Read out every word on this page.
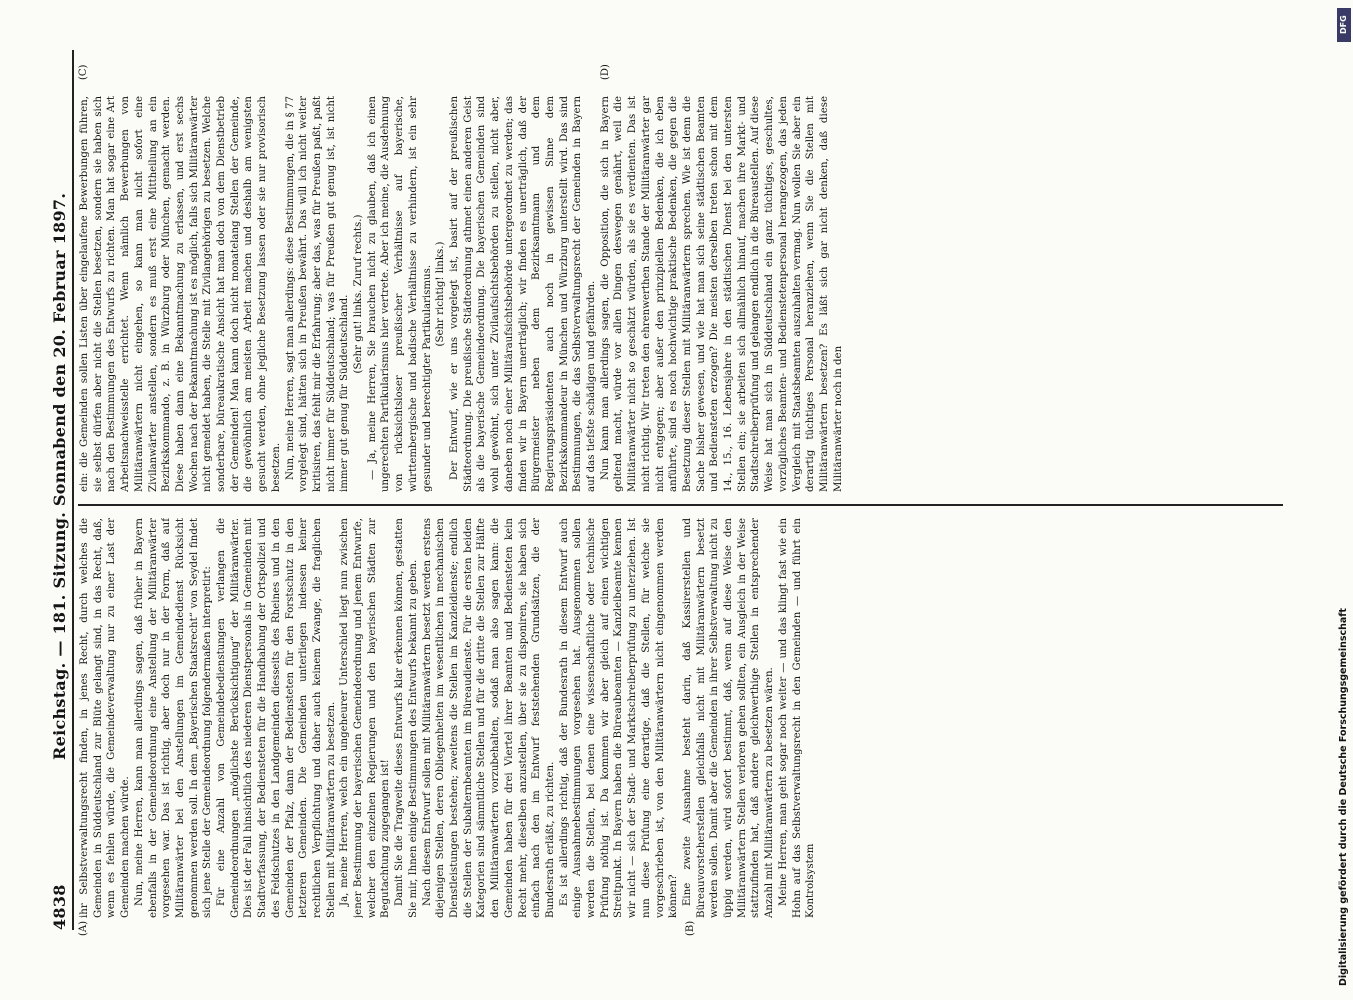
4838
Reichstag. — 181. Sitzung. Sonnabend den 20. Februar 1897.
(A)	(B)
(C)	(D)

ihr Selbstverwaltungsrecht finden, in jenes Recht, durch welches die Gemeinden in Süddeutschland zur Blüte gelangt sind, in das Recht, daß, wenn es fehlen würde, die Gemeindeverwaltung nur zu einer Last der Gemeinden machen würde. Nun, meine Herren, kann man allerdings sagen, daß früher in Bayern ebenfalls in der Gemeindeordnung eine Anstellung der Militäranwärter vorgesehen war. Das ist richtig, aber doch nur in der Form, daß auf Militäranwärter bei den Anstellungen im Gemeindedienst Rücksicht genommen werden soll. In dem „Bayerischen Staatsrecht“ von Seydel findet sich jene Stelle der Gemeindeordnung folgendermaßen interpretirt: Für eine Anzahl von Gemeindebedienstungen verlangen die Gemeindeordnungen „möglichste Berücksichtigung“ der Militäranwärter. Dies ist der Fall hinsichtlich des niederen Dienstpersonals in Gemeinden mit Stadtverfassung, der Bediensteten für die Handhabung der Ortspolizei und des Feldschutzes in den Landgemeinden diesseits des Rheines und in den Gemeinden der Pfalz, dann der Bediensteten für den Forstschutz in den letzteren Gemeinden. Die Gemeinden unterliegen indessen keiner rechtlichen Verpflichtung und daher auch keinem Zwange, die fraglichen Stellen mit Militäranwärtern zu besetzen. Ja, meine Herren, welch ein ungeheurer Unterschied liegt nun zwischen jener Bestimmung der bayerischen Gemeindeordnung und jenem Entwurfe, welcher den einzelnen Regierungen und den bayerischen Städten zur Begutachtung zugegangen ist! Damit Sie die Tragweite dieses Entwurfs klar erkennen können, gestatten Sie mir, Ihnen einige Bestimmungen des Entwurfs bekannt zu geben. Nach diesem Entwurf sollen mit Militäranwärtern besetzt werden erstens diejenigen Stellen, deren Obliegenheiten im wesentlichen in mechanischen Dienstleistungen bestehen; zweitens die Stellen im Kanzleidienste; endlich die Stellen der Subalternbeamten im Büreaudienste. Für die ersten beiden Kategorien sind sämmtliche Stellen und für die dritte die Stellen zur Hälfte den Militäranwärtern vorzubehalten, sodaß man also sagen kann: die Gemeinden haben für drei Viertel ihrer Beamten und Bediensteten kein Recht mehr, dieselben anzustellen, über sie zu disponiren, sie haben sich einfach nach den im Entwurf feststehenden Grundsätzen, die der Bundesrath erläßt, zu richten. Es ist allerdings richtig, daß der Bundesrath in diesem Entwurf auch einige Ausnahmebestimmungen vorgesehen hat. Ausgenommen sollen werden die Stellen, bei denen eine wissenschaftliche oder technische Prüfung nöthig ist. Da kommen wir aber gleich auf einen wichtigen Streitpunkt. In Bayern haben die Büreaubeamten — Kanzleibeamte kennen wir nicht — sich der Stadt- und Marktschreiberprüfung zu unterziehen. Ist nun diese Prüfung eine derartige, daß die Stellen, für welche sie vorgeschrieben ist, von den Militäranwärtern nicht eingenommen werden können? Eine zweite Ausnahme besteht darin, daß Kassirerstellen und Büreauvorsteherstellen gleichfalls nicht mit Militäranwärtern besetzt werden sollen. Damit aber die Gemeinden in ihrer Selbstverwaltung nicht zu üppig werden, wird sofort bestimmt, daß, wenn auf diese Weise den Militäranwärtern Stellen verloren gehen sollten, ein Ausgleich in der Weise stattzufinden hat, daß andere gleichwerthige Stellen in entsprechender Anzahl mit Militäranwärtern zu besetzen wären. Meine Herren, man geht sogar noch weiter — und das klingt fast wie ein Hohn auf das Selbstverwaltungsrecht in den Gemeinden — und führt ein Kontrolsystem

ein: die Gemeinden sollen Listen über eingelaufene Bewerbungen führen, sie selbst dürfen aber nicht die Stellen besetzen, sondern sie haben sich nach den Bestimmungen des Entwurfs zu richten. Man hat sogar eine Art Arbeitsnachweisstelle errichtet. Wenn nämlich Bewerbungen von Militäranwärtern nicht eingehen, so kann man nicht sofort eine Zivilanwärter anstellen, sondern es muß erst eine Mittheilung an ein Bezirkskommando, z. B. in Würzburg oder München, gemacht werden. Diese haben dann eine Bekanntmachung zu erlassen, und erst sechs Wochen nach der Bekanntmachung ist es möglich, falls sich Militäranwärter nicht gemeldet haben, die Stelle mit Zivilangehörigen zu besetzen. Welche sonderbare, büreaukratische Ansicht hat man doch von dem Dienstbetrieb der Gemeinden! Man kann doch nicht monatelang Stellen der Gemeinde, die gewöhnlich am meisten Arbeit machen und deshalb am wenigsten gesucht werden, ohne jegliche Besetzung lassen oder sie nur provisorisch besetzen. Nun, meine Herren, sagt man allerdings: diese Bestimmungen, die in § 77 vorgelegt sind, hätten sich in Preußen bewährt. Das will ich nicht weiter kritisiren, das fehlt mir die Erfahrung; aber das, was für Preußen paßt, paßt nicht immer für Süddeutschland; was für Preußen gut genug ist, ist nicht immer gut genug für Süddeutschland.

(Sehr gut! links. Zuruf rechts.) — Ja, meine Herren, Sie brauchen nicht zu glauben, daß ich einen ungerechten Partikularismus hier vertrete. Aber ich meine, die Ausdehnung von rücksichtsloser preußischer Verhältnisse auf bayerische, württembergische und badische Verhältnisse zu verhindern, ist ein sehr gesunder und berechtigter Partikularismus. (Sehr richtig! links.) Der Entwurf, wie er uns vorgelegt ist, basirt auf der preußischen Städteordnung. Die preußische Städteordnung athmet einen anderen Geist als die bayerische Gemeindeordnung. Die bayerischen Gemeinden sind wohl gewöhnt, sich unter Zivilaufsichtsbehörden zu stellen, nicht aber, daneben noch einer Militäraufsichtsbehörde untergeordnet zu werden; das finden wir in Bayern unerträglich; wir finden es unerträglich, daß der Bürgermeister neben dem Bezirksamtmann und dem Regierungspräsidenten auch noch in gewissen Sinne dem Bezirkskommandeur in München und Würzburg unterstellt wird. Das sind Bestimmungen, die das Selbstverwaltungsrecht der Gemeinden in Bayern auf das tiefste schädigen und gefährden. Nun kann man allerdings sagen, die Opposition, die sich in Bayern geltend macht, würde vor allen Dingen deswegen genährt, weil die Militäranwärter nicht so geschätzt würden, als sie es verdienten. Das ist nicht richtig. Wir treten den ehrenwerthen Stande der Militäranwärter gar nicht entgegen; aber außer den prinzipiellen Bedenken, die ich eben anführte, sind es noch hochwichtige praktische Bedenken, die gegen die Besetzung dieser Stellen mit Militäranwärtern sprechen. Wie ist denn die Sache bisher gewesen, und wie hat man sich seine städtischen Beamten und Bediensteten erzogen? Die meisten derselben treten schon mit dem 14., 15., 16. Lebensjahre in den städtischen Dienst bei den untersten Stellen ein; sie arbeiten sich allmählich hinauf, machen ihre Markt- und Stadtschreiberprüfung und gelangen endlich in die Büreaustellen. Auf diese Weise hat man sich in Süddeutschland ein ganz tüchtiges, geschultes, vorzügliches Beamten- und Bedienstetenpersonal herangezogen, das jeden Vergleich mit Staatsbeamten auszuhalten vermag. Nun wollen Sie aber ein derartig tüchtiges Personal heranziehen, wenn Sie die Stellen mit Militäranwärtern besetzen? Es läßt sich gar nicht denken, daß diese Militäranwärter noch in den

DFG
Digitalisierung gefördert durch die Deutsche Forschungsgemeinschaft
